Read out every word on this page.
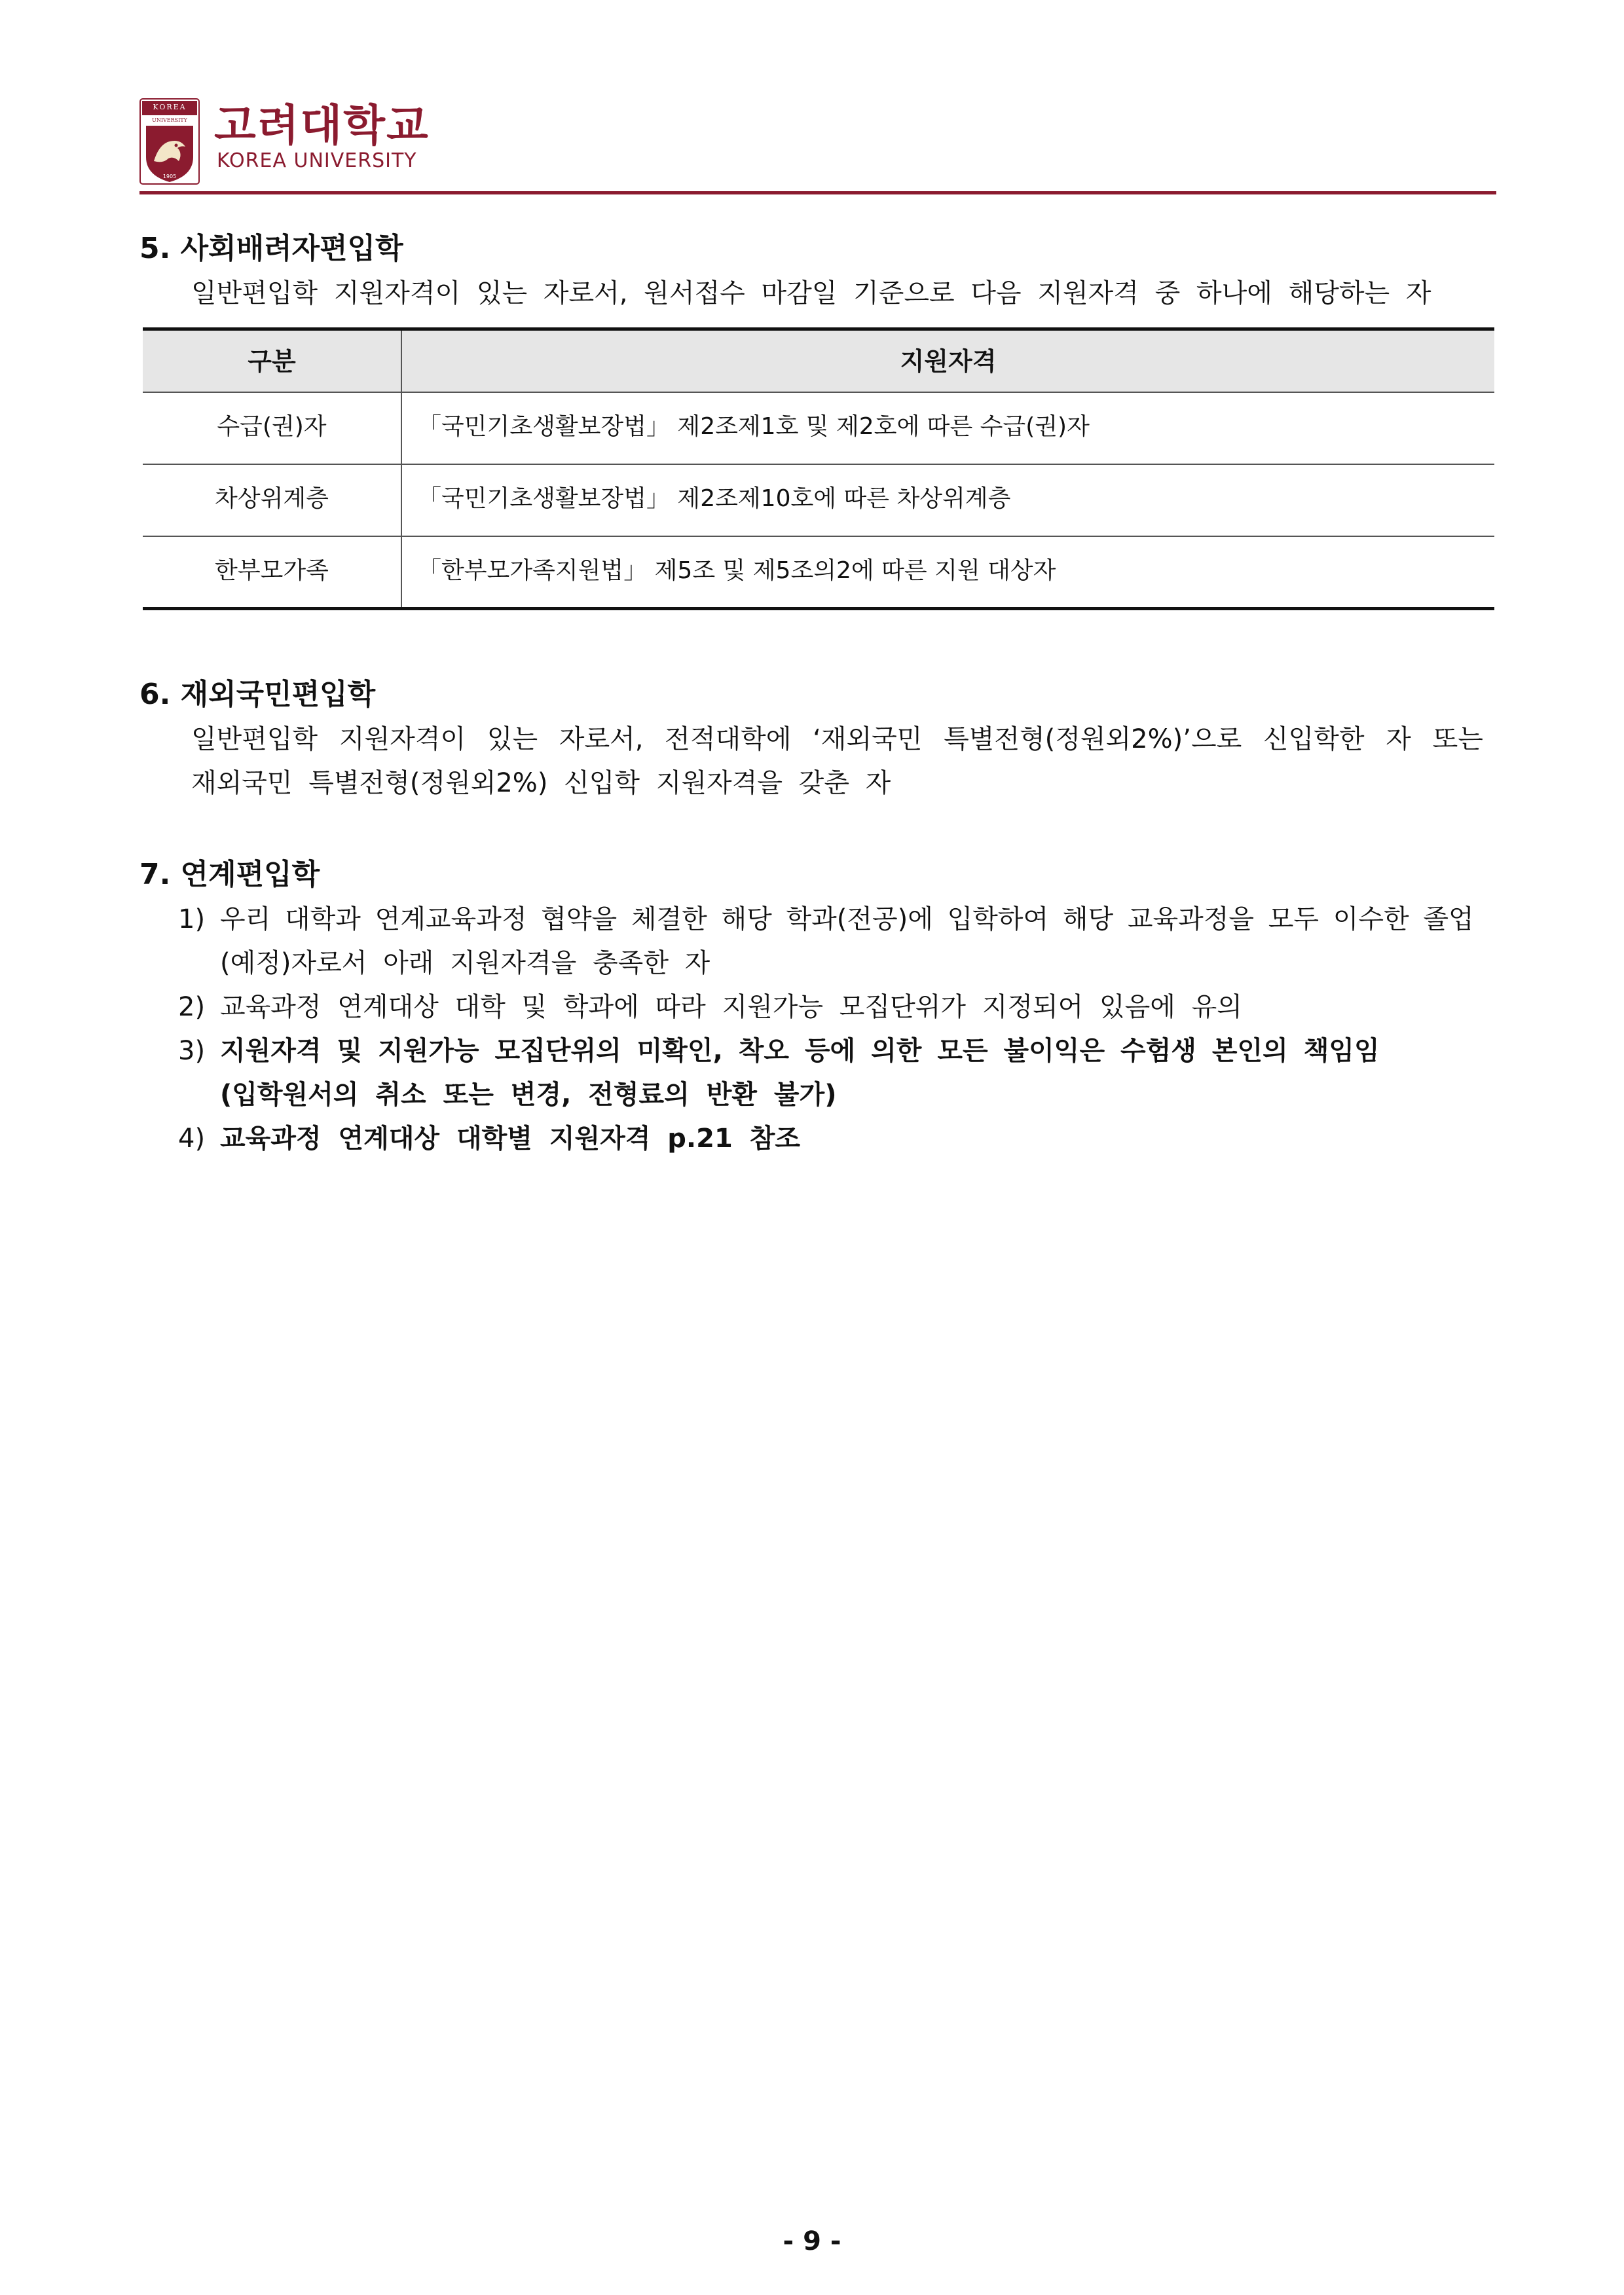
KOREA
UNIVERSITY
1905
고려대학교
KOREA UNIVERSITY
5. 사회배려자편입학
일반편입학 지원자격이 있는 자로서, 원서접수 마감일 기준으로 다음 지원자격 중 하나에 해당하는 자
구분	지원자격
수급(권)자	「국민기초생활보장법」 제2조제1호 및 제2호에 따른 수급(권)자
차상위계층	「국민기초생활보장법」 제2조제10호에 따른 차상위계층
한부모가족	「한부모가족지원법」 제5조 및 제5조의2에 따른 지원 대상자
6. 재외국민편입학
일반편입학 지원자격이 있는 자로서, 전적대학에 ‘재외국민 특별전형(정원외2%)’으로 신입학한 자 또는
재외국민 특별전형(정원외2%) 신입학 지원자격을 갖춘 자
7. 연계편입학
1) 우리 대학과 연계교육과정 협약을 체결한 해당 학과(전공)에 입학하여 해당 교육과정을 모두 이수한 졸업
(예정)자로서 아래 지원자격을 충족한 자
2) 교육과정 연계대상 대학 및 학과에 따라 지원가능 모집단위가 지정되어 있음에 유의
3) 지원자격 및 지원가능 모집단위의 미확인, 착오 등에 의한 모든 불이익은 수험생 본인의 책임임
(입학원서의 취소 또는 변경, 전형료의 반환 불가)
4) 교육과정 연계대상 대학별 지원자격 p.21 참조
- 9 -
